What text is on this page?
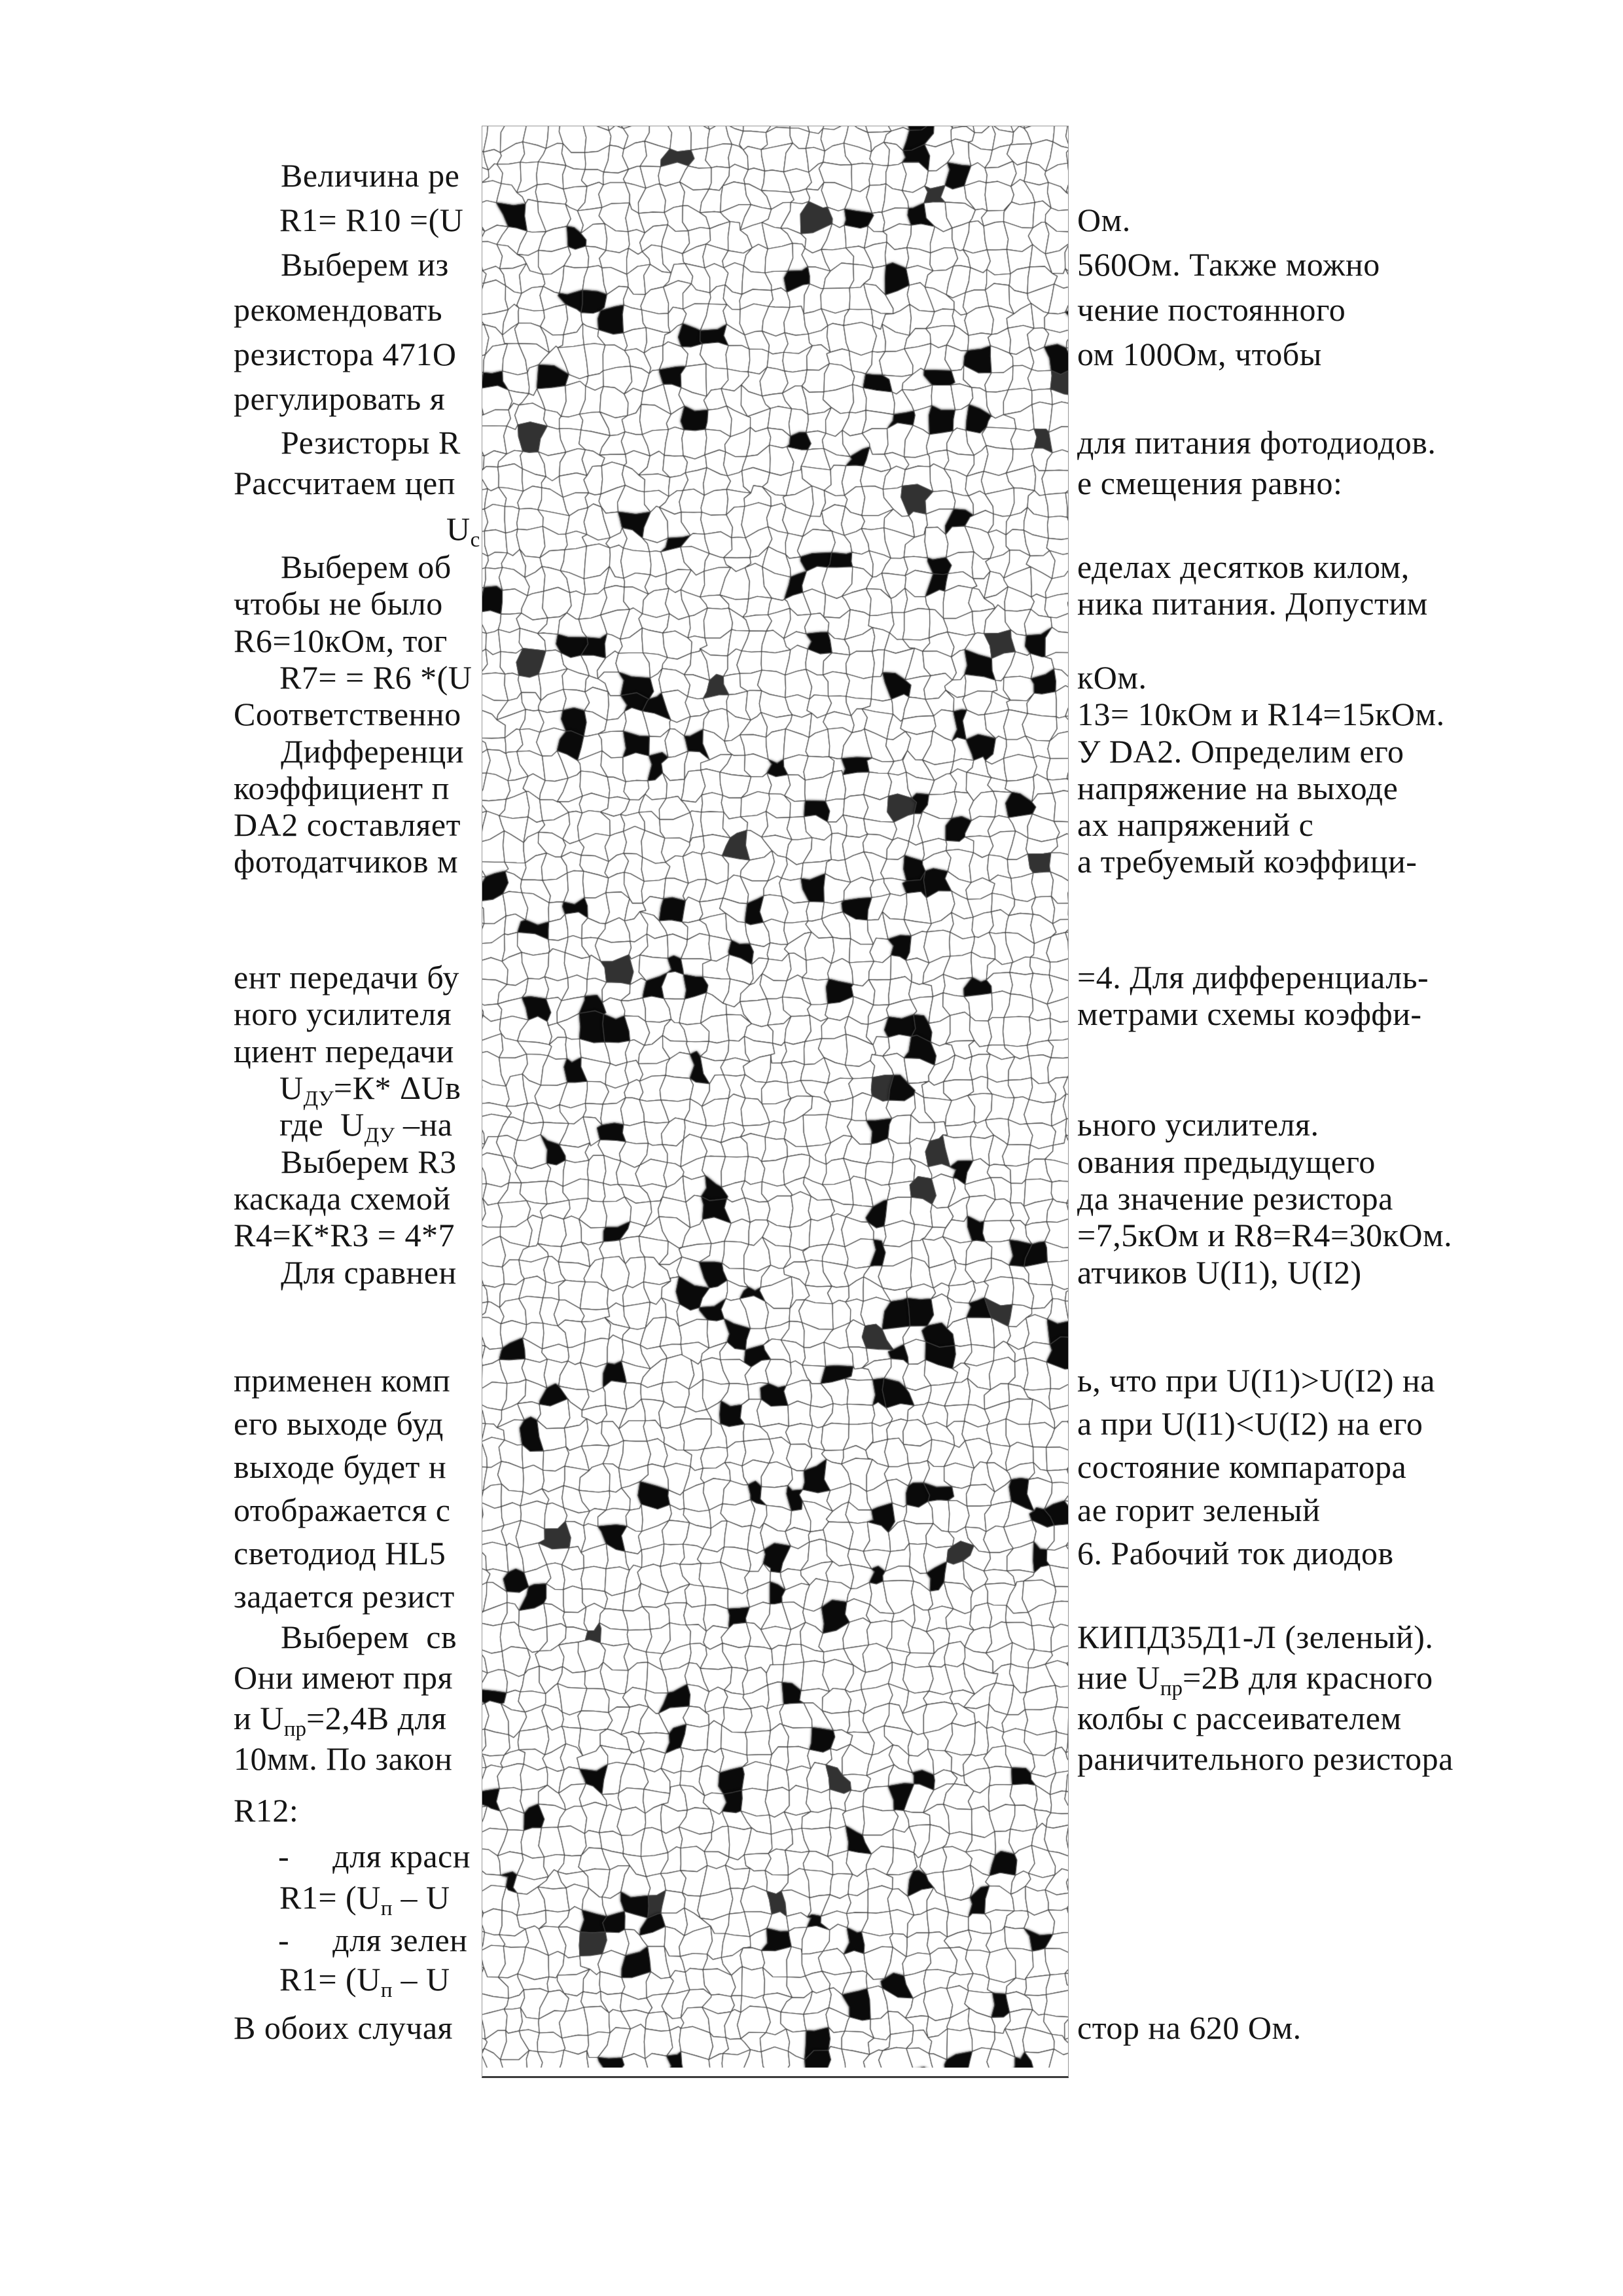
Величина ре
R1= R10 =(U	Ом.
Выберем из	560Ом. Также можно
рекомендовать	чение постоянного
резистора 471О	ом 100Ом, чтобы
регулировать я
Резисторы R	для питания фотодиодов.
Рассчитаем цеп	е смещения равно:
$U_с$
Выберем об	еделах десятков килом,
чтобы не было	ника питания. Допустим
R6=10кОм, тог
R7= = R6 *(U	кОм.
Соответственно	13= 10кОм и R14=15кОм.
Дифференци	У DA2. Определим его
коэффициент п	напряжение на выходе
DA2 составляет	ах напряжений с
фотодатчиков м	а требуемый коэффици-
ент передачи бу	=4. Для дифференциаль-
ного усилителя	метрами схемы коэффи-
циент передачи
$U_{ДУ}=К*$ ΔUв
где  $U_{ДУ}$ –на	ьного усилителя.
Выберем R3	ования предыдущего
каскада схемой	да значение резистора
R4=К*R3 = 4*7	=7,5кОм и R8=R4=30кОм.
Для сравнен	атчиков U(I1), U(I2)
применен комп	ь, что при U(I1)>U(I2) на
его выходе буд	а при U(I1)<U(I2) на его
выходе будет н	состояние компаратора
отображается с	ае горит зеленый
светодиод HL5	6. Рабочий ток диодов
задается резист
Выберем  св	КИПД35Д1-Л (зеленый).
Они имеют пря	ние $U_{пр}=2В$ для красного
и $U_{пр}=2,4В$ для	колбы с рассеивателем
10мм. По закон	раничительного резистора
R12:
- для красн
$R1= (U_п - U$
- для зелен
$R1= (U_п - U$
В обоих случая	стор на 620 Ом.
